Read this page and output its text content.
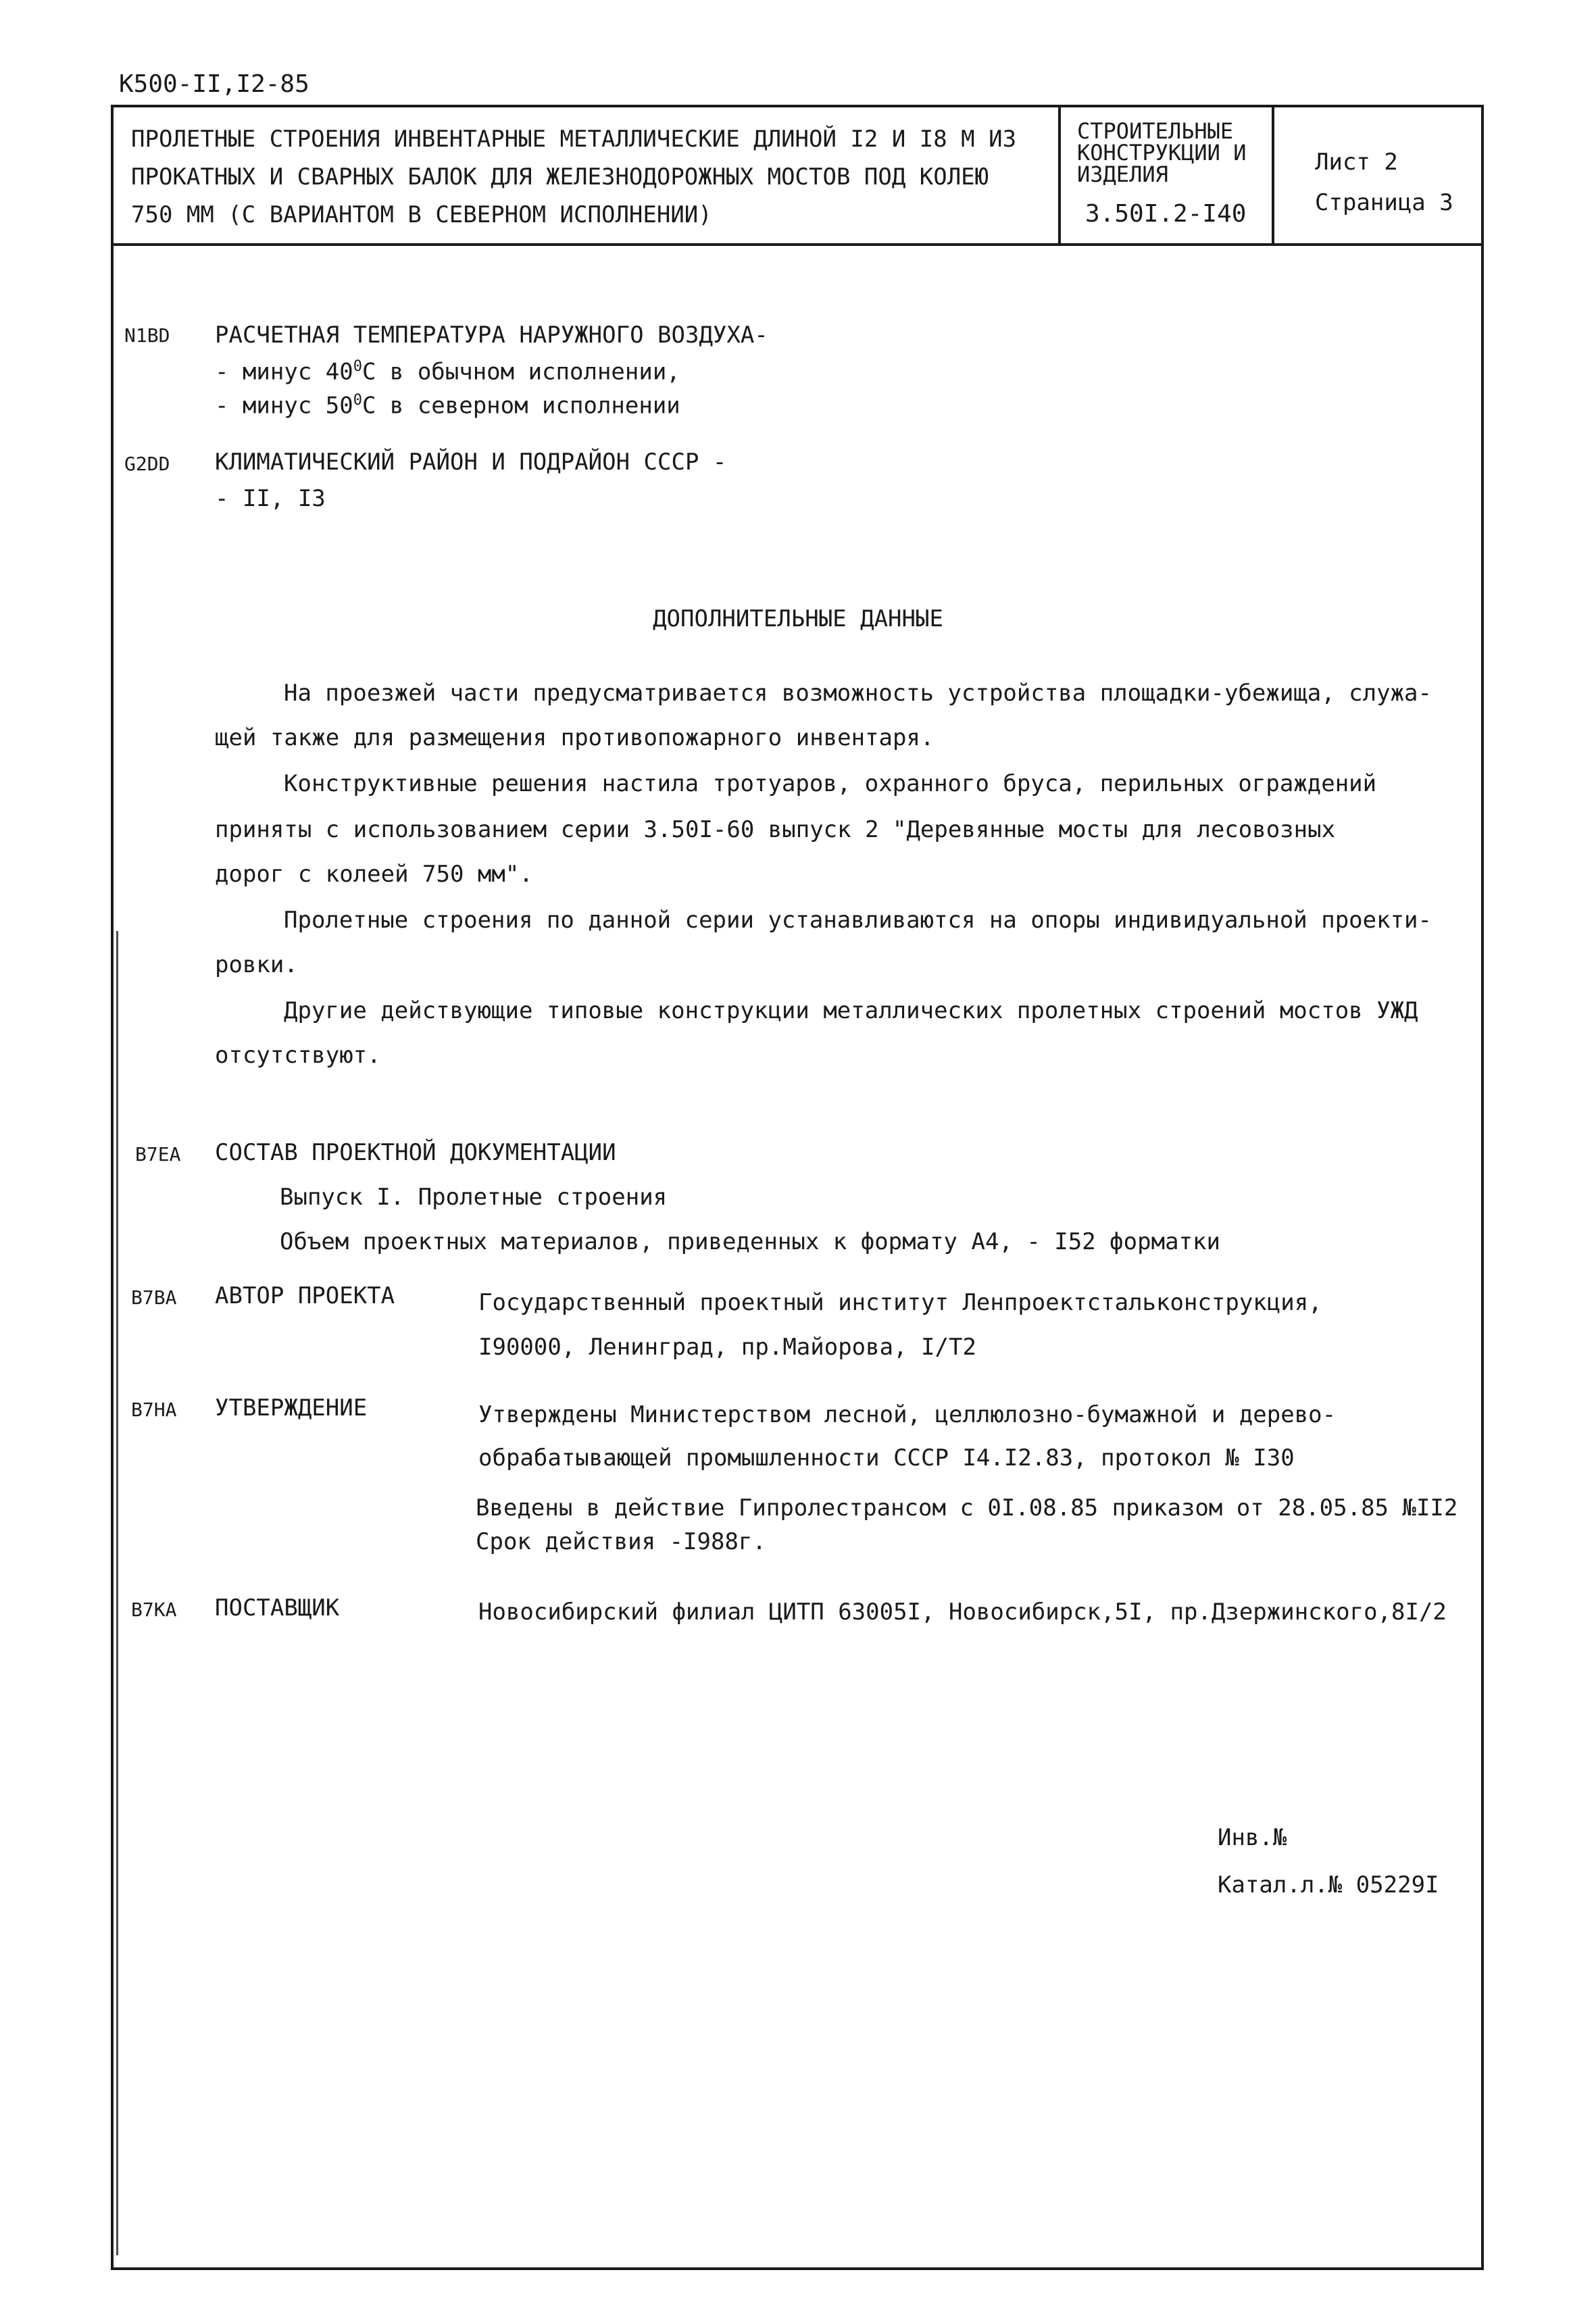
К500-II,I2-85
ПРОЛЕТНЫЕ СТРОЕНИЯ ИНВЕНТАРНЫЕ МЕТАЛЛИЧЕСКИЕ ДЛИНОЙ I2 И I8 М ИЗ
ПРОКАТНЫХ И СВАРНЫХ БАЛОК ДЛЯ ЖЕЛЕЗНОДОРОЖНЫХ МОСТОВ ПОД КОЛЕЮ
750 ММ (С ВАРИАНТОМ В СЕВЕРНОМ ИСПОЛНЕНИИ)
СТРОИТЕЛЬНЫЕ
КОНСТРУКЦИИ И
ИЗДЕЛИЯ
3.50I.2-I40
Лист 2
Страница 3
N1BD РАСЧЕТНАЯ ТЕМПЕРАТУРА НАРУЖНОГО ВОЗДУХА-
- минус $40^0С$ в обычном исполнении,
- минус $50^0С$ в северном исполнении
G2DD КЛИМАТИЧЕСКИЙ РАЙОН И ПОДРАЙОН СССР -
- II, I3
ДОПОЛНИТЕЛЬНЫЕ ДАННЫЕ
На проезжей части предусматривается возможность устройства площадки-убежища, служа-
щей также для размещения противопожарного инвентаря.
Конструктивные решения настила тротуаров, охранного бруса, перильных ограждений
приняты с использованием серии 3.50I-60 выпуск 2 "Деревянные мосты для лесовозных
дорог с колеей 750 мм".
Пролетные строения по данной серии устанавливаются на опоры индивидуальной проекти-
ровки.
Другие действующие типовые конструкции металлических пролетных строений мостов УЖД
отсутствуют.
B7EA СОСТАВ ПРОЕКТНОЙ ДОКУМЕНТАЦИИ
Выпуск I. Пролетные строения
Объем проектных материалов, приведенных к формату А4, - I52 форматки
B7BA АВТОР ПРОЕКТА	Государственный проектный институт Ленпроектстальконструкция,
I90000, Ленинград, пр.Майорова, I/T2
B7HA УТВЕРЖДЕНИЕ	Утверждены Министерством лесной, целлюлозно-бумажной и дерево-
обрабатывающей промышленности СССР I4.I2.83, протокол № I30
Введены в действие Гипролестрансом с 0I.08.85 приказом от 28.05.85 №II2
Срок действия -I988г.
B7KA ПОСТАВЩИК	Новосибирский филиал ЦИТП 63005I, Новосибирск,5I, пр.Дзержинского,8I/2
Инв.№
Катал.л.№ 05229I
